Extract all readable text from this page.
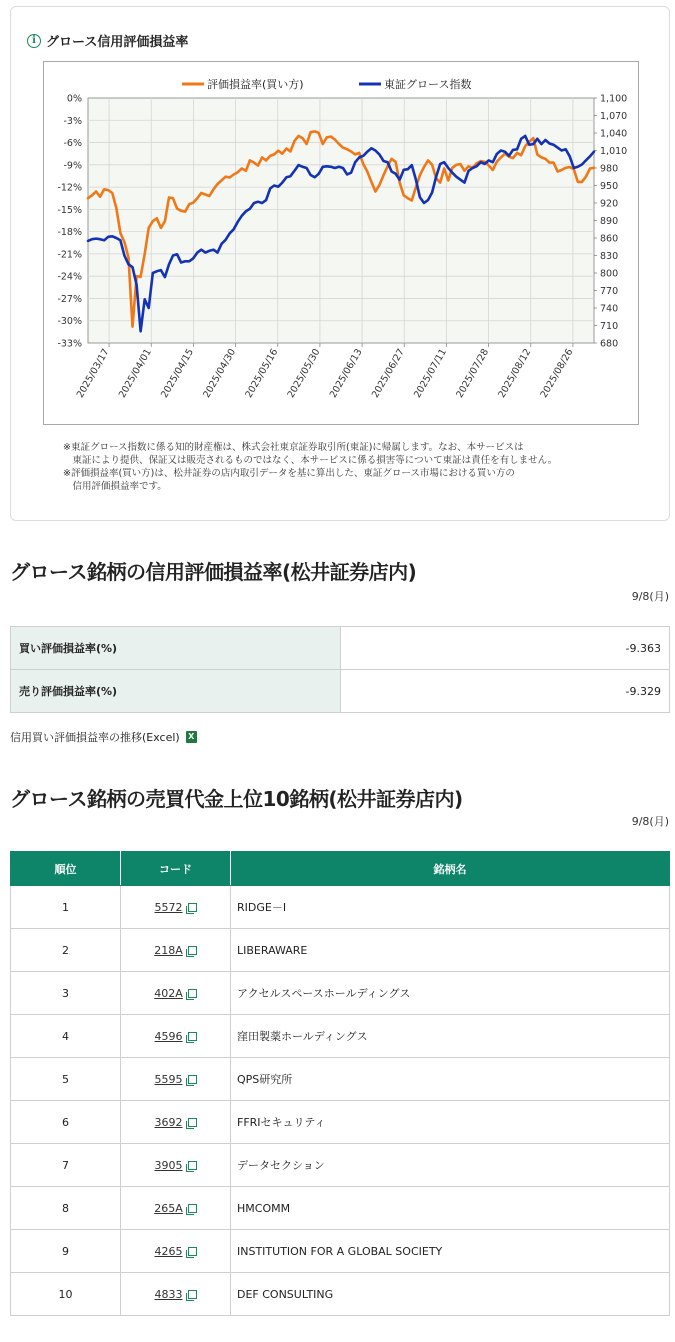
i グロース信用評価損益率
0%
-3%
-6%
-9%
-12%
-15%
-18%
-21%
-24%
-27%
-30%
-33%
1,100
1,070
1,040
1,010
980
950
920
890
860
830
800
770
740
710
680
2025/03/17 2025/04/01 2025/04/15 2025/04/30 2025/05/16 2025/05/30 2025/06/13 2025/06/27 2025/07/11 2025/07/28 2025/08/12 2025/08/26
評価損益率(買い方)	東証グロース指数

※東証グロース指数に係る知的財産権は、株式会社東京証券取引所(東証)に帰属します。なお、本サービスは
　東証により提供、保証又は販売されるものではなく、本サービスに係る損害等について東証は責任を有しません。

※評価損益率(買い方)は、松井証券の店内取引データを基に算出した、東証グロース市場における買い方の
　信用評価損益率です。

グロース銘柄の信用評価損益率(松井証券店内)
9/8(月)
買い評価損益率(%)	-9.363
売り評価損益率(%)	-9.329
信用買い評価損益率の推移(Excel)	X
グロース銘柄の売買代金上位10銘柄(松井証券店内)
9/8(月)
順位	コード	銘柄名
1	5572	RIDGE－I
2	218A	LIBERAWARE
3	402A	アクセルスペースホールディングス
4	4596	窪田製薬ホールディングス
5	5595	QPS研究所
6	3692	FFRIセキュリティ
7	3905	データセクション
8	265A	HMCOMM
9	4265	INSTITUTION FOR A GLOBAL SOCIETY
10	4833	DEF CONSULTING
